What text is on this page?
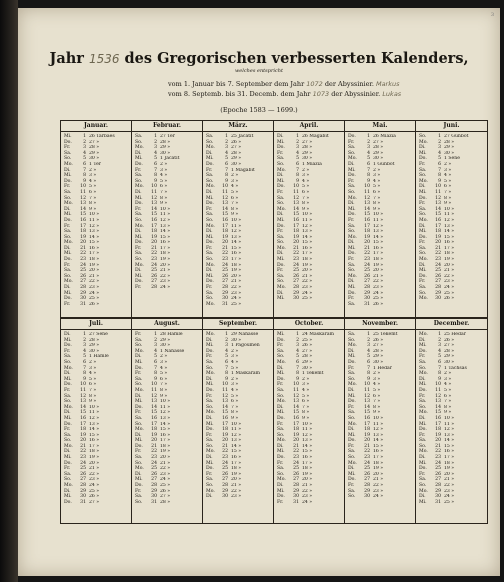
3
Jahr 1536 des Gregorischen verbesserten Kalenders,
welches entspricht
vom 1. Januar bis 7. September dem Jahr 1072 der Abyssinier. Markus
vom 8. Septemb. bis 31. Decemb. dem Jahr 1073 der Abyssinier. Lukas
(Epoche 1583 — 1699.)
Januar.
Mi.	1 26 Tarbaes
Do.	2 27 »
Fr.	3 28 »
Sa.	4 29 »
So.	5 30 »
Mo.	6 1 Ter
Di.	7 2 »
Mi.	8 3 »
Do.	9 4 »
Fr.	10 5 »
Sa.	11 6 »
So.	12 7 »
Mo.	13 8 »
Di.	14 9 »
Mi.	15 10 »
Do.	16 11 »
Fr.	17 12 »
Sa.	18 13 »
So.	19 14 »
Mo.	20 15 »
Di.	21 16 »
Mi.	22 17 »
Do.	23 18 »
Fr.	24 19 »
Sa.	25 20 »
So.	26 21 »
Mo.	27 22 »
Di.	28 23 »
Mi.	29 24 »
Do.	30 25 »
Fr.	31 26 »
Februar.
Sa.	1 27 Ter
So.	2 28 »
Mo.	3 29 »
Di.	4 30 »
Mi.	5 1 Jacatit
Do.	6 2 »
Fr.	7 3 »
Sa.	8 4 »
So.	9 5 »
Mo.	10 6 »
Di.	11 7 »
Mi.	12 8 »
Do.	13 9 »
Fr.	14 10 »
Sa.	15 11 »
So.	16 12 »
Mo.	17 13 »
Di.	18 14 »
Mi.	19 15 »
Do.	20 16 »
Fr.	21 17 »
Sa.	22 18 »
So.	23 19 »
Mo.	24 20 »
Di.	25 21 »
Mi.	26 22 »
Do.	27 23 »
Fr.	28 24 »
März.
Sa.	1 25 Jacatit
So.	2 26 »
Mo.	3 27 »
Di.	4 28 »
Mi.	5 29 »
Do.	6 30 »
Fr.	7 1 Magabit
Sa.	8 2 »
So.	9 3 »
Mo.	10 4 »
Di.	11 5 »
Mi.	12 6 »
Do.	13 7 »
Fr.	14 8 »
Sa.	15 9 »
So.	16 10 »
Mo.	17 11 »
Di.	18 12 »
Mi.	19 13 »
Do.	20 14 »
Fr.	21 15 »
Sa.	22 16 »
So.	23 17 »
Mo.	24 18 »
Di.	25 19 »
Mi.	26 20 »
Do.	27 21 »
Fr.	28 22 »
Sa.	29 23 »
So.	30 24 »
Mo.	31 25 »
April.
Di.	1 26 Magabit
Mi.	2 27 »
Do.	3 28 »
Fr.	4 29 »
Sa.	5 30 »
So.	6 1 Miazia
Mo.	7 2 »
Di.	8 3 »
Mi.	9 4 »
Do.	10 5 »
Fr.	11 6 »
Sa.	12 7 »
So.	13 8 »
Mo.	14 9 »
Di.	15 10 »
Mi.	16 11 »
Do.	17 12 »
Fr.	18 13 »
Sa.	19 14 »
So.	20 15 »
Mo.	21 16 »
Di.	22 17 »
Mi.	23 18 »
Do.	24 19 »
Fr.	25 20 »
Sa.	26 21 »
So.	27 22 »
Mo.	28 23 »
Di.	29 24 »
Mi.	30 25 »
Mai.
Do.	1 26 Miazia
Fr.	2 27 »
Sa.	3 28 »
So.	4 29 »
Mo.	5 30 »
Di.	6 1 Gunbot
Mi.	7 2 »
Do.	8 3 »
Fr.	9 4 »
Sa.	10 5 »
So.	11 6 »
Mo.	12 7 »
Di.	13 8 »
Mi.	14 9 »
Do.	15 10 »
Fr.	16 11 »
Sa.	17 12 »
So.	18 13 »
Mo.	19 14 »
Di.	20 15 »
Mi.	21 16 »
Do.	22 17 »
Fr.	23 18 »
Sa.	24 19 »
So.	25 20 »
Mo.	26 21 »
Di.	27 22 »
Mi.	28 23 »
Do.	29 24 »
Fr.	30 25 »
Sa.	31 26 »
Juni.
So.	1 27 Gunbot
Mo.	2 28 »
Di.	3 29 »
Mi.	4 30 »
Do.	5 1 Sene
Fr.	6 2 »
Sa.	7 3 »
So.	8 4 »
Mo.	9 5 »
Di.	10 6 »
Mi.	11 7 »
Do.	12 8 »
Fr.	13 9 »
Sa.	14 10 »
So.	15 11 »
Mo.	16 12 »
Di.	17 13 »
Mi.	18 14 »
Do.	19 15 »
Fr.	20 16 »
Sa.	21 17 »
So.	22 18 »
Mo.	23 19 »
Di.	24 20 »
Mi.	25 21 »
Do.	26 22 »
Fr.	27 23 »
Sa.	28 24 »
So.	29 25 »
Mo.	30 26 »
Juli.
Di.	1 27 Sene
Mi.	2 28 »
Do.	3 29 »
Fr.	4 30 »
Sa.	5 1 Hamle
So.	6 2 »
Mo.	7 3 »
Di.	8 4 »
Mi.	9 5 »
Do.	10 6 »
Fr.	11 7 »
Sa.	12 8 »
So.	13 9 »
Mo.	14 10 »
Di.	15 11 »
Mi.	16 12 »
Do.	17 13 »
Fr.	18 14 »
Sa.	19 15 »
So.	20 16 »
Mo.	21 17 »
Di.	22 18 »
Mi.	23 19 »
Do.	24 20 »
Fr.	25 21 »
Sa.	26 22 »
So.	27 23 »
Mo.	28 24 »
Di.	29 25 »
Mi.	30 26 »
Do.	31 27 »
August.
Fr.	1 28 Hamle
Sa.	2 29 »
So.	3 30 »
Mo.	4 1 Nahasse
Di.	5 2 »
Mi.	6 3 »
Do.	7 4 »
Fr.	8 5 »
Sa.	9 6 »
So.	10 7 »
Mo.	11 8 »
Di.	12 9 »
Mi.	13 10 »
Do.	14 11 »
Fr.	15 12 »
Sa.	16 13 »
So.	17 14 »
Mo.	18 15 »
Di.	19 16 »
Mi.	20 17 »
Do.	21 18 »
Fr.	22 19 »
Sa.	23 20 »
So.	24 21 »
Mo.	25 22 »
Di.	26 23 »
Mi.	27 24 »
Do.	28 25 »
Fr.	29 26 »
Sa.	30 27 »
So.	31 28 »
September.
Mo.	1 29 Nahasse
Di.	2 30 »
Mi.	3 1 Pagoumen
Do.	4 2 »
Fr.	5 3 »
Sa.	6 4 »
So.	7 5 »
Mo.	8 1 Maskaram
Di.	9 2 »
Mi.	10 3 »
Do.	11 4 »
Fr.	12 5 »
Sa.	13 6 »
So.	14 7 »
Mo.	15 8 »
Di.	16 9 »
Mi.	17 10 »
Do.	18 11 »
Fr.	19 12 »
Sa.	20 13 »
So.	21 14 »
Mo.	22 15 »
Di.	23 16 »
Mi.	24 17 »
Do.	25 18 »
Fr.	26 19 »
Sa.	27 20 »
So.	28 21 »
Mo.	29 22 »
Di.	30 23 »
October.
Mi.	1 24 Maskaram
Do.	2 25 »
Fr.	3 26 »
Sa.	4 27 »
So.	5 28 »
Mo.	6 29 »
Di.	7 30 »
Mi.	8 1 Tekemt
Do.	9 2 »
Fr.	10 3 »
Sa.	11 4 »
So.	12 5 »
Mo.	13 6 »
Di.	14 7 »
Mi.	15 8 »
Do.	16 9 »
Fr.	17 10 »
Sa.	18 11 »
So.	19 12 »
Mo.	20 13 »
Di.	21 14 »
Mi.	22 15 »
Do.	23 16 »
Fr.	24 17 »
Sa.	25 18 »
So.	26 19 »
Mo.	27 20 »
Di.	28 21 »
Mi.	29 22 »
Do.	30 23 »
Fr.	31 24 »
November.
Sa.	1 25 Tekemt
So.	2 26 »
Mo.	3 27 »
Di.	4 28 »
Mi.	5 29 »
Do.	6 30 »
Fr.	7 1 Hedar
Sa.	8 2 »
So.	9 3 »
Mo.	10 4 »
Di.	11 5 »
Mi.	12 6 »
Do.	13 7 »
Fr.	14 8 »
Sa.	15 9 »
So.	16 10 »
Mo.	17 11 »
Di.	18 12 »
Mi.	19 13 »
Do.	20 14 »
Fr.	21 15 »
Sa.	22 16 »
So.	23 17 »
Mo.	24 18 »
Di.	25 19 »
Mi.	26 20 »
Do.	27 21 »
Fr.	28 22 »
Sa.	29 23 »
So.	30 24 »
December.
Mo.	1 25 Hedar
Di.	2 26 »
Mi.	3 27 »
Do.	4 28 »
Fr.	5 29 »
Sa.	6 30 »
So.	7 1 Tachsas
Mo.	8 2 »
Di.	9 3 »
Mi.	10 4 »
Do.	11 5 »
Fr.	12 6 »
Sa.	13 7 »
So.	14 8 »
Mo.	15 9 »
Di.	16 10 »
Mi.	17 11 »
Do.	18 12 »
Fr.	19 13 »
Sa.	20 14 »
So.	21 15 »
Mo.	22 16 »
Di.	23 17 »
Mi.	24 18 »
Do.	25 19 »
Fr.	26 20 »
Sa.	27 21 »
So.	28 22 »
Mo.	29 23 »
Di.	30 24 »
Mi.	31 25 »
